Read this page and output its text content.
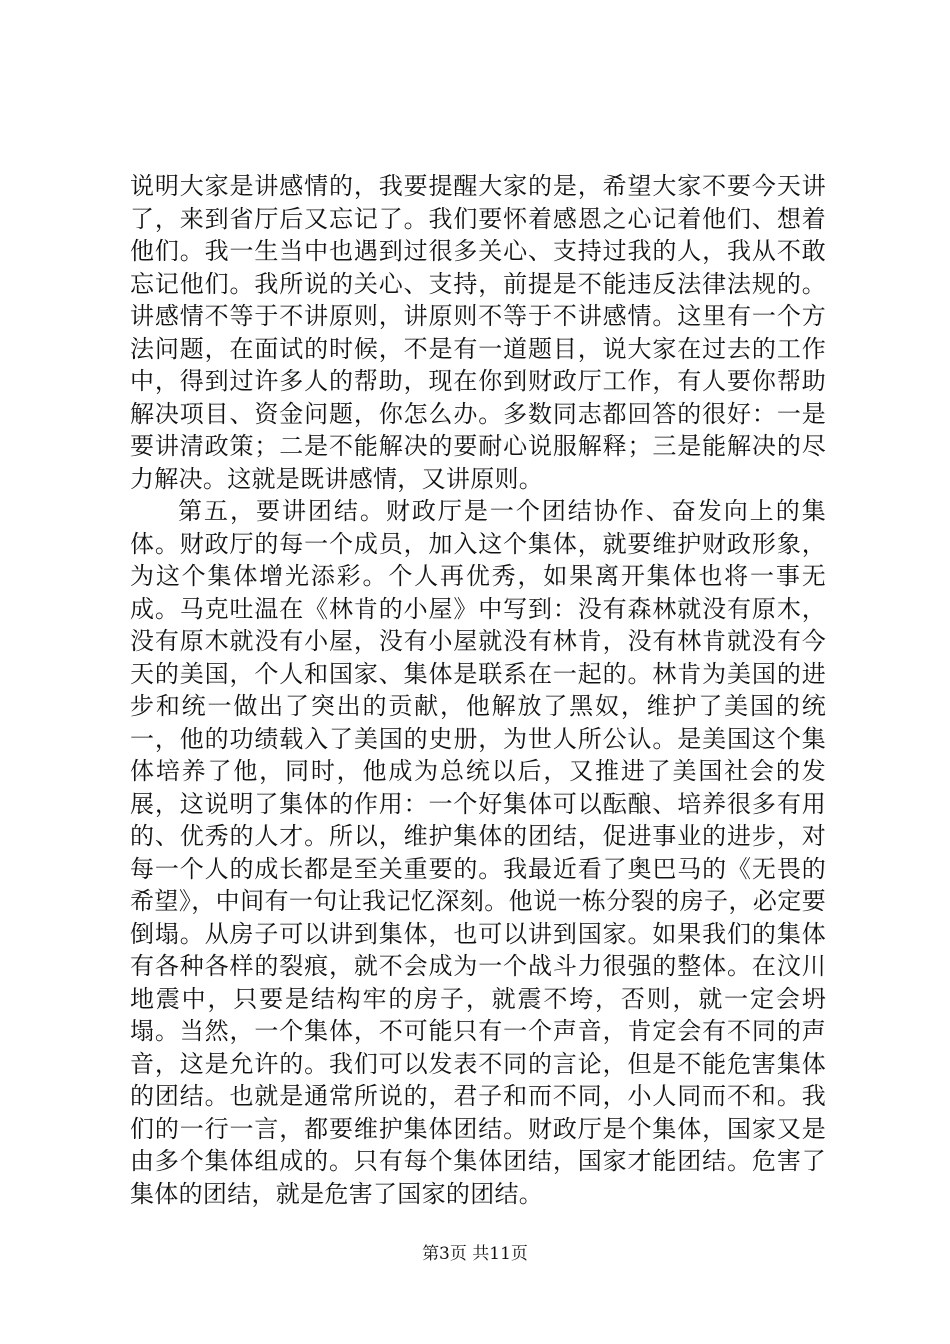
说明大家是讲感情的，我要提醒大家的是，希望大家不要今天讲了，来到省厅后又忘记了。我们要怀着感恩之心记着他们、想着他们。我一生当中也遇到过很多关心、支持过我的人，我从不敢忘记他们。我所说的关心、支持，前提是不能违反法律法规的。讲感情不等于不讲原则，讲原则不等于不讲感情。这里有一个方法问题，在面试的时候，不是有一道题目，说大家在过去的工作中，得到过许多人的帮助，现在你到财政厅工作，有人要你帮助解决项目、资金问题，你怎么办。多数同志都回答的很好：一是要讲清政策；二是不能解决的要耐心说服解释；三是能解决的尽力解决。这就是既讲感情，又讲原则。

第五，要讲团结。财政厅是一个团结协作、奋发向上的集体。财政厅的每一个成员，加入这个集体，就要维护财政形象，为这个集体增光添彩。个人再优秀，如果离开集体也将一事无成。马克吐温在《林肯的小屋》中写到：没有森林就没有原木，没有原木就没有小屋，没有小屋就没有林肯，没有林肯就没有今天的美国，个人和国家、集体是联系在一起的。林肯为美国的进步和统一做出了突出的贡献，他解放了黑奴，维护了美国的统一，他的功绩载入了美国的史册，为世人所公认。是美国这个集体培养了他，同时，他成为总统以后，又推进了美国社会的发展，这说明了集体的作用：一个好集体可以酝酿、培养很多有用的、优秀的人才。所以，维护集体的团结，促进事业的进步，对每一个人的成长都是至关重要的。我最近看了奥巴马的《无畏的希望》，中间有一句让我记忆深刻。他说一栋分裂的房子，必定要倒塌。从房子可以讲到集体，也可以讲到国家。如果我们的集体有各种各样的裂痕，就不会成为一个战斗力很强的整体。在汶川地震中，只要是结构牢的房子，就震不垮，否则，就一定会坍塌。当然，一个集体，不可能只有一个声音，肯定会有不同的声音，这是允许的。我们可以发表不同的言论，但是不能危害集体的团结。也就是通常所说的，君子和而不同，小人同而不和。我们的一行一言，都要维护集体团结。财政厅是个集体，国家又是由多个集体组成的。只有每个集体团结，国家才能团结。危害了集体的团结，就是危害了国家的团结。

第3页 共11页
